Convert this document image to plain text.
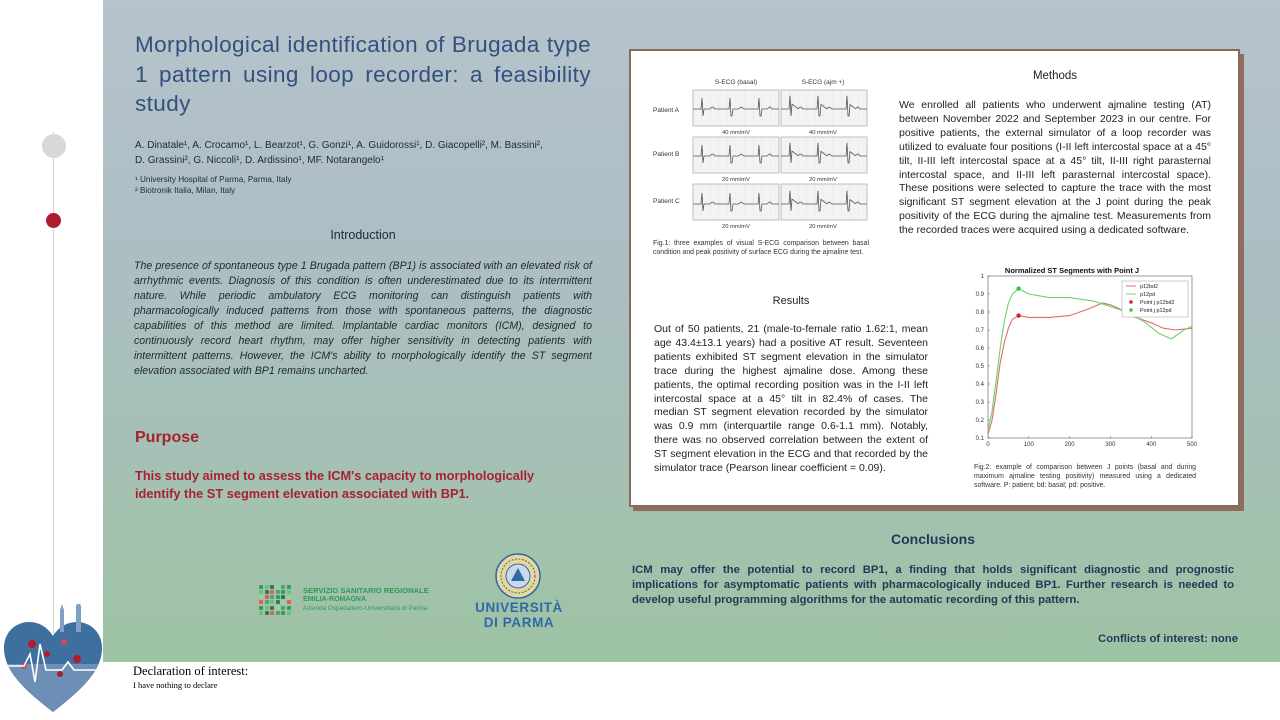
Morphological identification of Brugada type 1 pattern using loop recorder: a feasibility study
A. Dinatale¹, A. Crocamo¹, L. Bearzot¹, G. Gonzi¹, A. Guidorossi¹, D. Giacopelli², M. Bassini²,
D. Grassini², G. Niccoli¹, D. Ardissino¹, MF. Notarangelo¹
¹ University Hospital of Parma, Parma, Italy
² Biotronik Italia, Milan, Italy
Introduction
The presence of spontaneous type 1 Brugada pattern (BP1) is associated with an elevated risk of arrhythmic events. Diagnosis of this condition is often underestimated due to its intermittent nature. While periodic ambulatory ECG monitoring can distinguish patients with pharmacologically induced patterns from those with spontaneous patterns, the diagnostic capabilities of this method are limited. Implantable cardiac monitors (ICM), designed to continuously record heart rhythm, may offer higher sensitivity in detecting patients with intermittent patterns. However, the ICM's ability to morphologically identify the ST segment elevation associated with BP1 remains uncharted.
Purpose
This study aimed to assess the ICM's capacity to morphologically identify the ST segment elevation associated with BP1.
SERVIZIO SANITARIO REGIONALE
EMILIA-ROMAGNA
Azienda Ospedaliero-Universitaria di Parma	UNIVERSITÀ
DI PARMA
S-ECG (basal)	S-ECG (ajm +)
Patient A
Patient B
Patient C
40 mm/mV	40 mm/mV
20 mm/mV	20 mm/mV
20 mm/mV	20 mm/mV
Fig.1: three examples of visual S-ECG comparison between basal condition and peak positivity of surface ECG during the ajmaline test.
Methods
We enrolled all patients who underwent ajmaline testing (AT) between November 2022 and September 2023 in our centre. For positive patients, the external simulator of a loop recorder was utilized to evaluate four positions (I-II left intercostal space at a 45° tilt, II-III left intercostal space at a 45° tilt, II-III right parasternal intercostal space, and II-III left parasternal intercostal space). These positions were selected to capture the trace with the most significant ST segment elevation at the J point during the peak positivity of the ECG during the ajmaline test. Measurements from the recorded traces were acquired using a dedicated software.
Results
Out of 50 patients, 21 (male-to-female ratio 1.62:1, mean age 43.4±13.1 years) had a positive AT result. Seventeen patients exhibited ST segment elevation in the simulator trace during the highest ajmaline dose. Among these patients, the optimal recording position was in the I-II left intercostal space at a 45° tilt in 82.4% of cases. The median ST segment elevation recorded by the simulator was 0.9 mm (interquartile range 0.6-1.1 mm). Notably, there was no observed correlation between the extent of ST segment elevation in the ECG and that recorded by the simulator trace (Pearson linear coefficient = 0.09).
Normalized ST Segments with Point J
0	100	200	300	400	500
0.1
0.2
0.3
0.4
0.5
0.6
0.7
0.8
0.9
1
p12bd2
p12pd
Point j p12bd2
Point j p12pd
Fig.2: example of comparison between J points (basal and during maximum ajmaline testing positivity) measured using a dedicated software. P: patient; bd: basal; pd: positive.
Conclusions
ICM may offer the potential to record BP1, a finding that holds significant diagnostic and prognostic implications for asymptomatic patients with pharmacologically induced BP1. Further research is needed to develop useful programming algorithms for the automatic recording of this pattern.
Conflicts of interest: none
Declaration of interest:
I have nothing to declare
